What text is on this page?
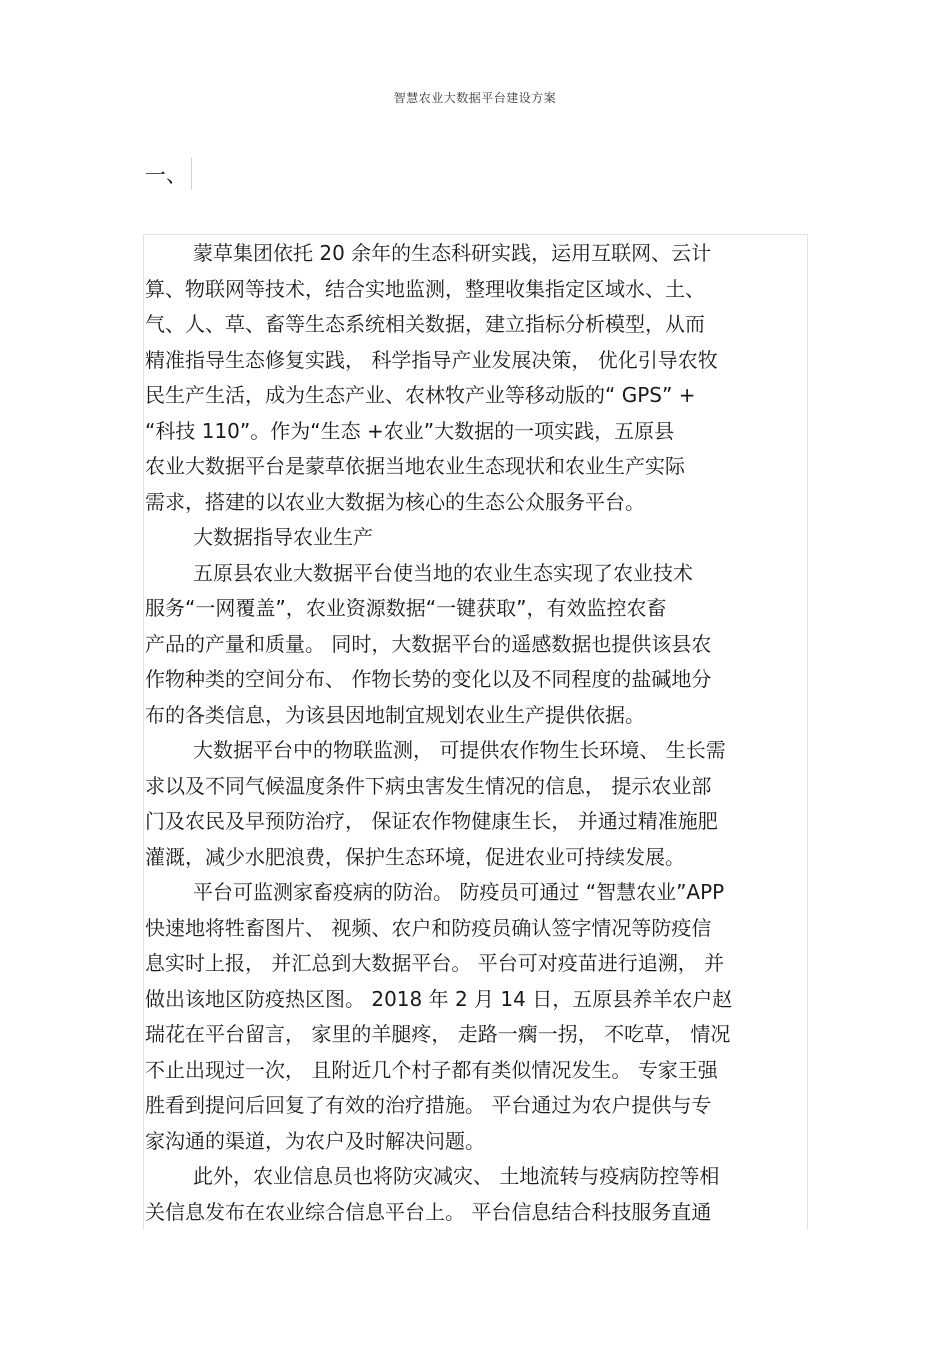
智慧农业大数据平台建设方案
一、
蒙草集团依托 20 余年的生态科研实践，运用互联网、云计
算、物联网等技术，结合实地监测，整理收集指定区域水、土、
气、人、草、畜等生态系统相关数据，建立指标分析模型，从而
精准指导生态修复实践， 科学指导产业发展决策， 优化引导农牧
民生产生活，成为生态产业、农林牧产业等移动版的“ GPS” +
“科技 110”。作为“生态 +农业”大数据的一项实践，五原县
农业大数据平台是蒙草依据当地农业生态现状和农业生产实际
需求，搭建的以农业大数据为核心的生态公众服务平台。
大数据指导农业生产
五原县农业大数据平台使当地的农业生态实现了农业技术
服务“一网覆盖”，农业资源数据“一键获取”，有效监控农畜
产品的产量和质量。 同时，大数据平台的遥感数据也提供该县农
作物种类的空间分布、 作物长势的变化以及不同程度的盐碱地分
布的各类信息，为该县因地制宜规划农业生产提供依据。
大数据平台中的物联监测， 可提供农作物生长环境、 生长需
求以及不同气候温度条件下病虫害发生情况的信息， 提示农业部
门及农民及早预防治疗， 保证农作物健康生长， 并通过精准施肥
灌溉，减少水肥浪费，保护生态环境，促进农业可持续发展。
平台可监测家畜疫病的防治。 防疫员可通过 “智慧农业”APP
快速地将牲畜图片、 视频、农户和防疫员确认签字情况等防疫信
息实时上报， 并汇总到大数据平台。 平台可对疫苗进行追溯， 并
做出该地区防疫热区图。 2018 年 2 月 14 日，五原县养羊农户赵
瑞花在平台留言， 家里的羊腿疼， 走路一瘸一拐， 不吃草， 情况
不止出现过一次， 且附近几个村子都有类似情况发生。 专家王强
胜看到提问后回复了有效的治疗措施。 平台通过为农户提供与专
家沟通的渠道，为农户及时解决问题。
此外，农业信息员也将防灾减灾、 土地流转与疫病防控等相
关信息发布在农业综合信息平台上。 平台信息结合科技服务直通
